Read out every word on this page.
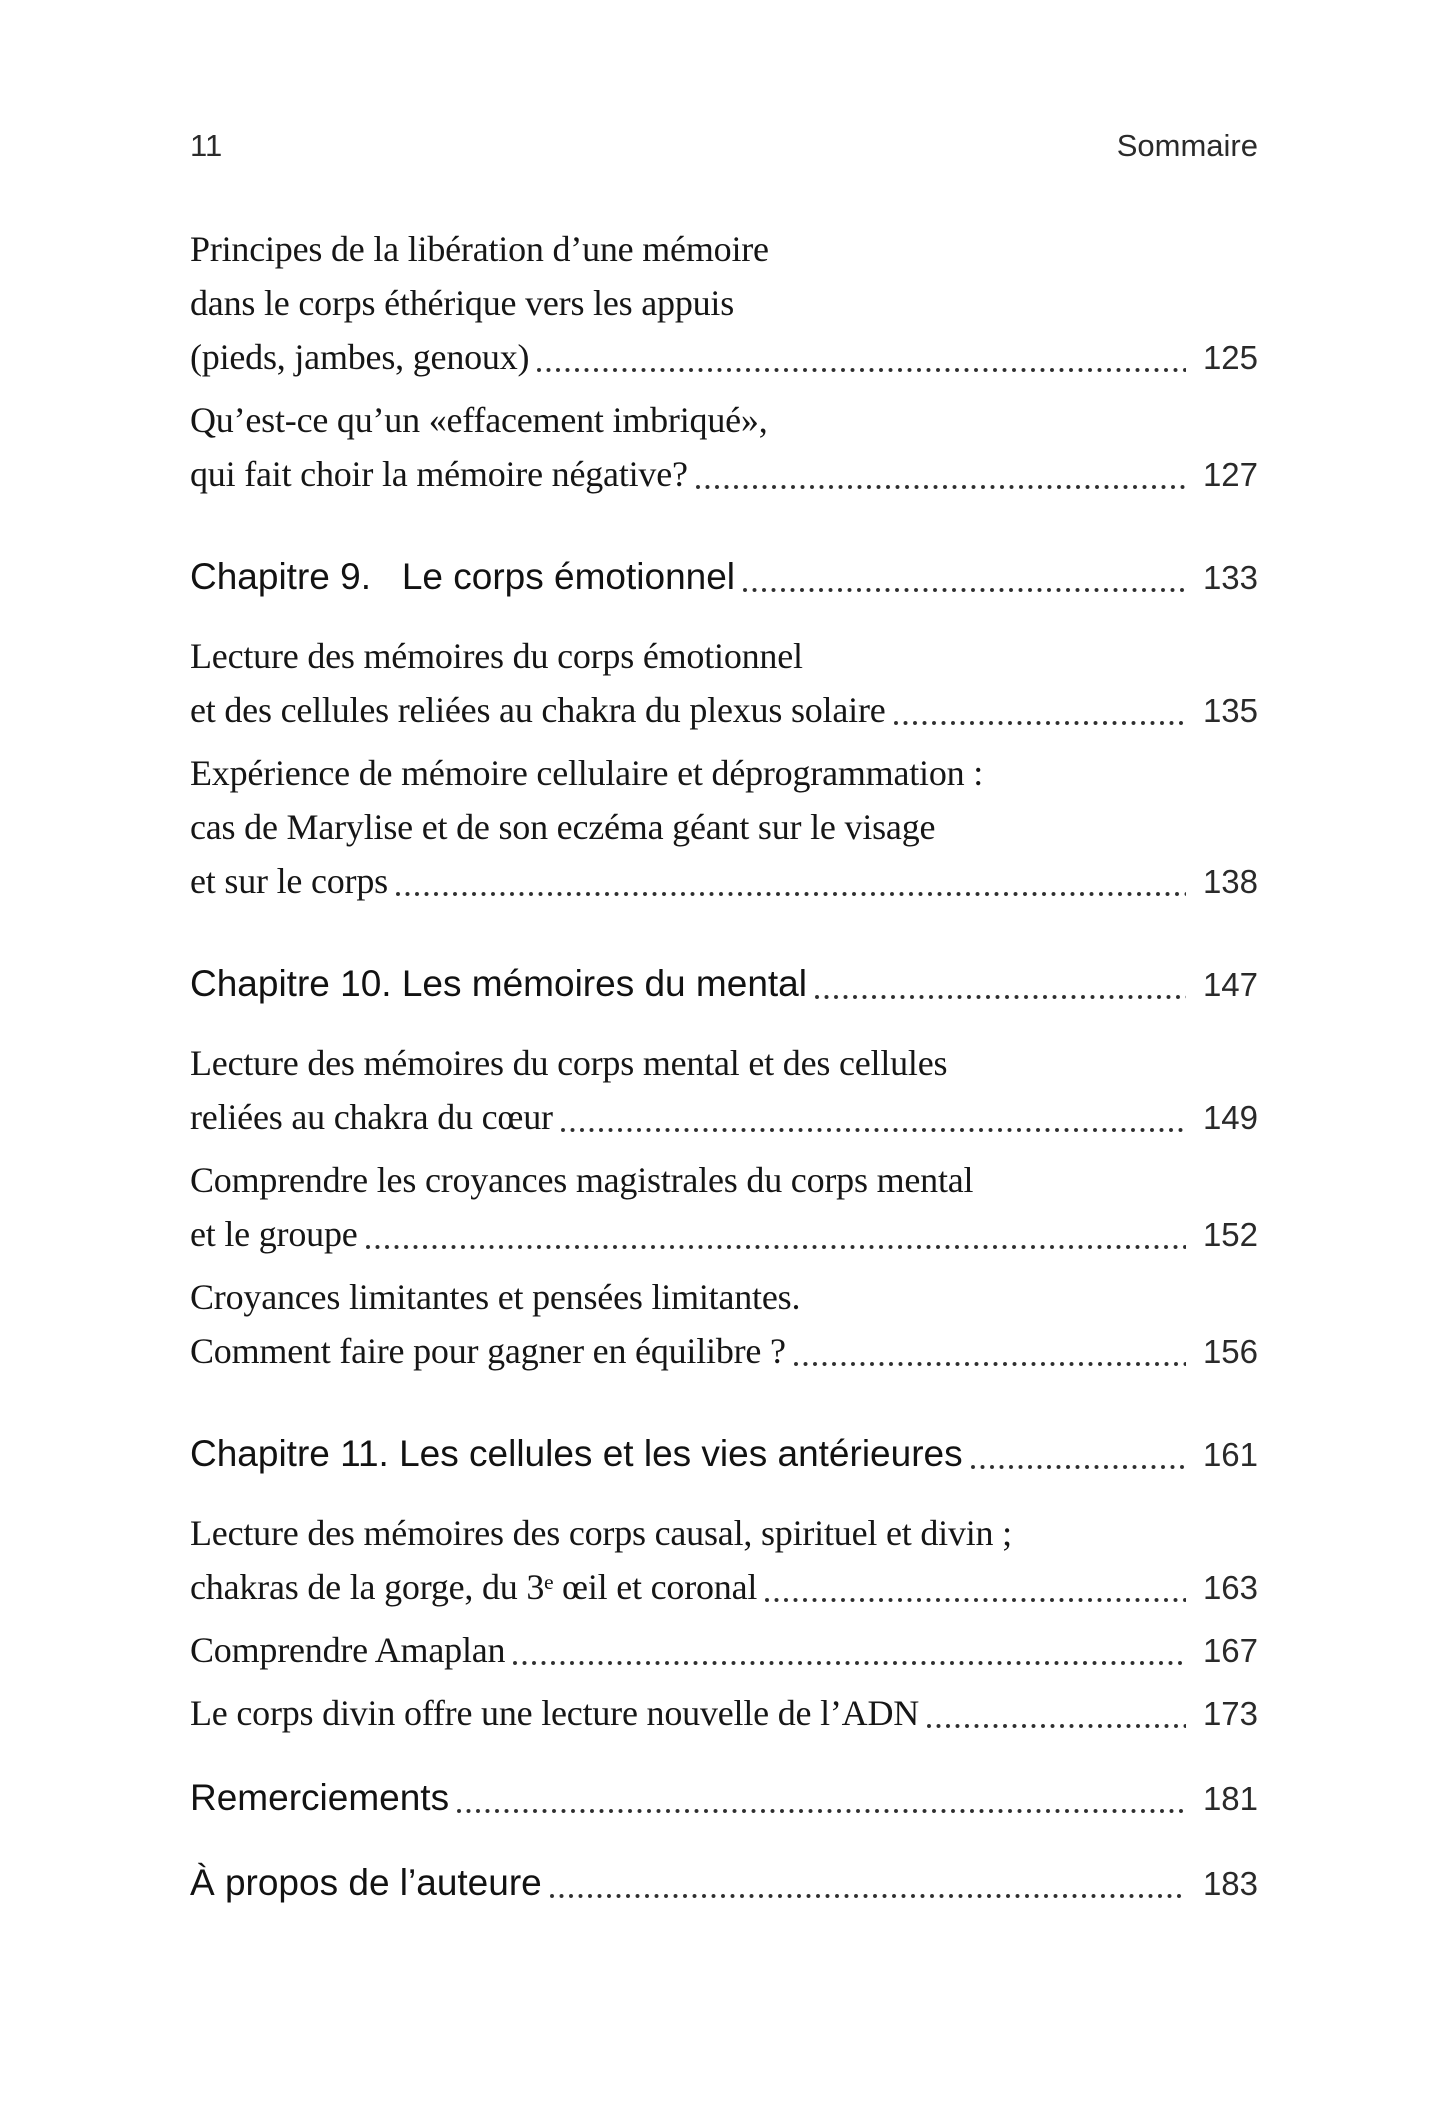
11	Sommaire
Principes de la libération d’une mémoire
dans le corps éthérique vers les appuis
(pieds, jambes, genoux)	125
Qu’est-ce qu’un «effacement imbriqué»,
qui fait choir la mémoire négative?	127
Chapitre 9.   Le corps émotionnel	133
Lecture des mémoires du corps émotionnel
et des cellules reliées au chakra du plexus solaire	135
Expérience de mémoire cellulaire et déprogrammation :
cas de Marylise et de son eczéma géant sur le visage
et sur le corps	138
Chapitre 10. Les mémoires du mental	147
Lecture des mémoires du corps mental et des cellules
reliées au chakra du cœur	149
Comprendre les croyances magistrales du corps mental
et le groupe	152
Croyances limitantes et pensées limitantes.
Comment faire pour gagner en équilibre ?	156
Chapitre 11. Les cellules et les vies antérieures	161
Lecture des mémoires des corps causal, spirituel et divin ;
chakras de la gorge, du 3ᵉ œil et coronal	163
Comprendre Amaplan	167
Le corps divin offre une lecture nouvelle de l’ADN	173
Remerciements	181
À propos de l’auteure	183
